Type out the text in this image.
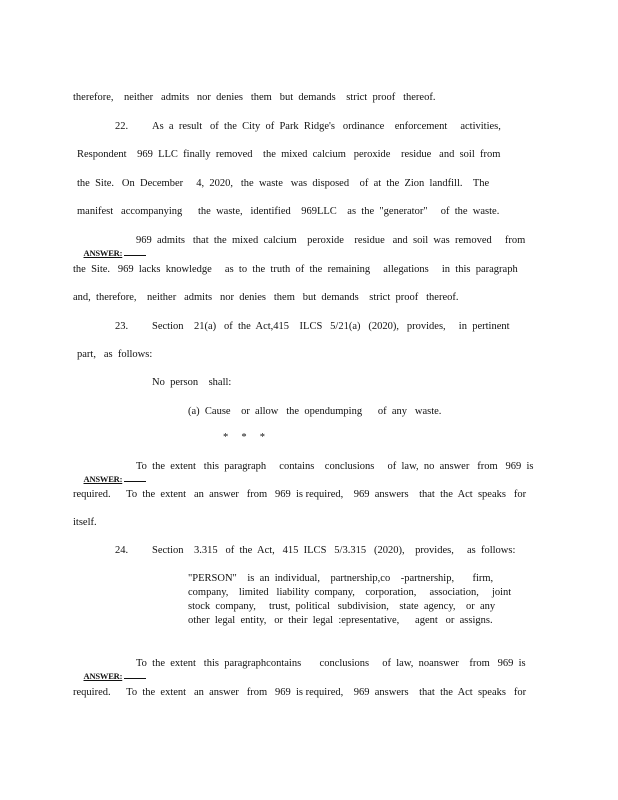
therefore,    neither   admits   nor  denies   them   but  demands    strict  proof   thereof.
22. As  a  result   of  the  City  of  Park  Ridge's   ordinance    enforcement     activities,
Respondent    969  LLC  finally  removed    the  mixed  calcium   peroxide    residue   and  soil  from
the  Site.   On  December     4,  2020,   the  waste   was  disposed    of  at  the  Zion  landfill.    The
manifest   accompanying      the  waste,   identified    969LLC    as  the  "generator"     of  the  waste.

ANSWER:

969  admits   that  the  mixed  calcium    peroxide    residue   and  soil  was  removed     from
the  Site.   969  lacks  knowledge     as  to  the  truth  of  the  remaining     allegations     in  this  paragraph
and,  therefore,    neither   admits   nor  denies   them   but  demands    strict  proof   thereof.
23. Section    21(a)   of  the  Act,415    ILCS   5/21(a)   (2020),   provides,     in  pertinent
part,   as  follows:
No  person    shall:
(a)  Cause    or  allow   the  opendumping      of  any   waste.
*     *     *

ANSWER:

To  the  extent   this  paragraph     contains    conclusions     of  law,  no  answer   from   969  is
required.      To  the  extent   an  answer   from   969  is required,    969  answers    that  the  Act  speaks   for
itself.
24. Section    3.315   of  the  Act,   415  ILCS   5/3.315   (2020),    provides,     as  follows:
"PERSON"    is  an  individual,    partnership,co    -partnership,       firm,
company,    limited   liability  company,    corporation,     association,     joint
stock  company,     trust,  political   subdivision,    state  agency,    or  any
other  legal  entity,   or  their  legal  :epresentative,      agent   or  assigns.

ANSWER:

To  the  extent   this  paragraphcontains       conclusions     of  law,  noanswer    from   969  is
required.      To  the  extent   an  answer   from   969  is required,    969  answers    that  the  Act  speaks   for
